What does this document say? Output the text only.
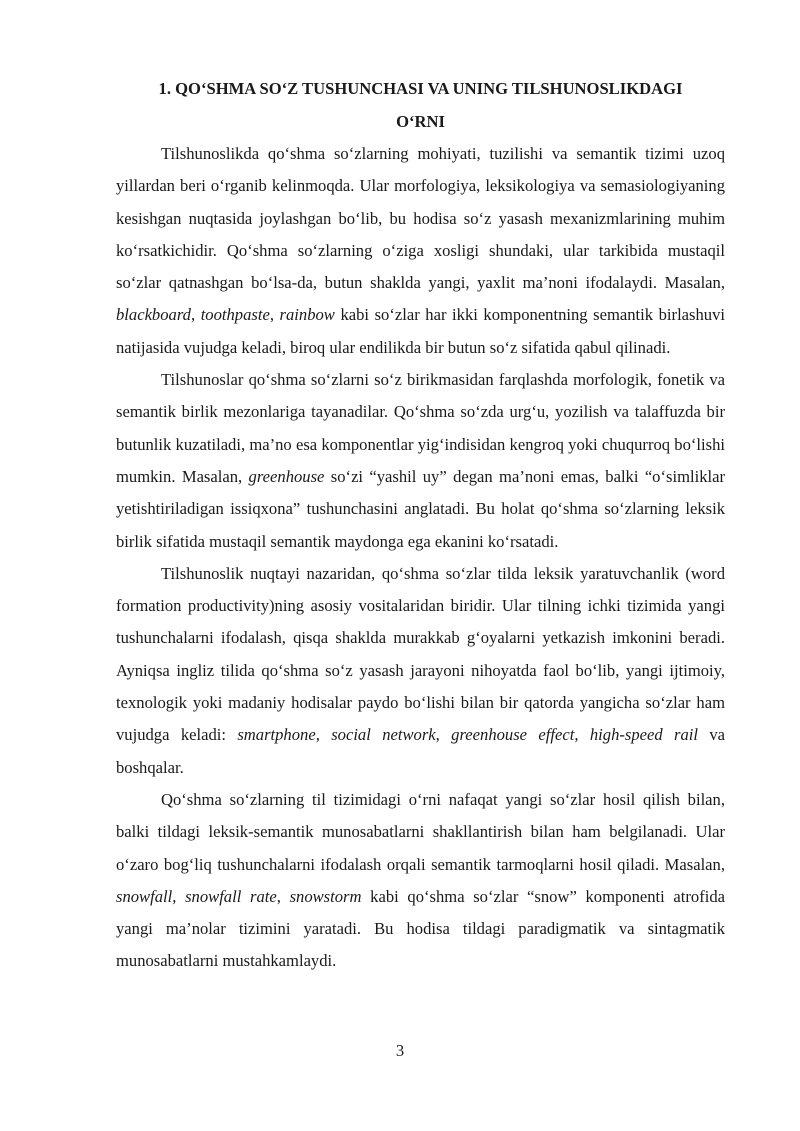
1. QO‘SHMA SO‘Z TUSHUNCHASI VA UNING TILSHUNOSLIKDAGI
O‘RNI

Tilshunoslikda qo‘shma so‘zlarning mohiyati, tuzilishi va semantik tizimi uzoq yillardan beri o‘rganib kelinmoqda. Ular morfologiya, leksikologiya va semasiologiyaning kesishgan nuqtasida joylashgan bo‘lib, bu hodisa so‘z yasash mexanizmlarining muhim ko‘rsatkichidir. Qo‘shma so‘zlarning o‘ziga xosligi shundaki, ular tarkibida mustaqil so‘zlar qatnashgan bo‘lsa-da, butun shaklda yangi, yaxlit ma’noni ifodalaydi. Masalan, blackboard, toothpaste, rainbow kabi so‘zlar har ikki komponentning semantik birlashuvi natijasida vujudga keladi, biroq ular endilikda bir butun so‘z sifatida qabul qilinadi.

Tilshunoslar qo‘shma so‘zlarni so‘z birikmasidan farqlashda morfologik, fonetik va semantik birlik mezonlariga tayanadilar. Qo‘shma so‘zda urg‘u, yozilish va talaffuzda bir butunlik kuzatiladi, ma’no esa komponentlar yig‘indisidan kengroq yoki chuqurroq bo‘lishi mumkin. Masalan, greenhouse so‘zi “yashil uy” degan ma’noni emas, balki “o‘simliklar yetishtiriladigan issiqxona” tushunchasini anglatadi. Bu holat qo‘shma so‘zlarning leksik birlik sifatida mustaqil semantik maydonga ega ekanini ko‘rsatadi.

Tilshunoslik nuqtayi nazaridan, qo‘shma so‘zlar tilda leksik yaratuvchanlik (word formation productivity)ning asosiy vositalaridan biridir. Ular tilning ichki tizimida yangi tushunchalarni ifodalash, qisqa shaklda murakkab g‘oyalarni yetkazish imkonini beradi. Ayniqsa ingliz tilida qo‘shma so‘z yasash jarayoni nihoyatda faol bo‘lib, yangi ijtimoiy, texnologik yoki madaniy hodisalar paydo bo‘lishi bilan bir qatorda yangicha so‘zlar ham vujudga keladi: smartphone, social network, greenhouse effect, high-speed rail va boshqalar.

Qo‘shma so‘zlarning til tizimidagi o‘rni nafaqat yangi so‘zlar hosil qilish bilan, balki tildagi leksik-semantik munosabatlarni shakllantirish bilan ham belgilanadi. Ular o‘zaro bog‘liq tushunchalarni ifodalash orqali semantik tarmoqlarni hosil qiladi. Masalan, snowfall, snowfall rate, snowstorm kabi qo‘shma so‘zlar “snow” komponenti atrofida yangi ma’nolar tizimini yaratadi. Bu hodisa tildagi paradigmatik va sintagmatik munosabatlarni mustahkamlaydi.

3
